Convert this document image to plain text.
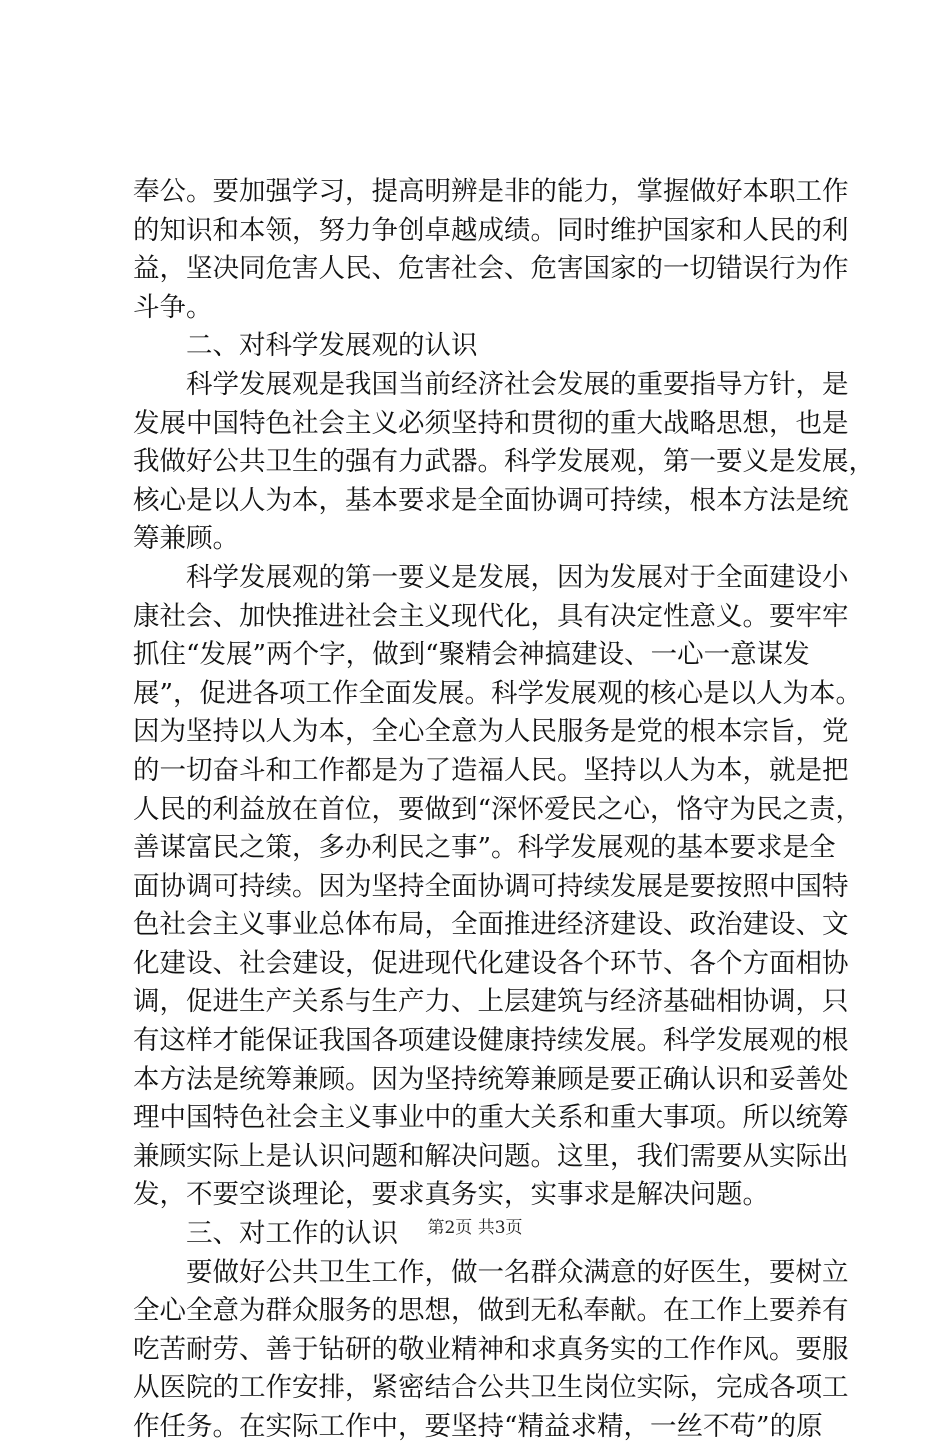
奉公。要加强学习，提高明辨是非的能力，掌握做好本职工作
的知识和本领，努力争创卓越成绩。同时维护国家和人民的利
益，坚决同危害人民、危害社会、危害国家的一切错误行为作
斗争。
二、对科学发展观的认识
科学发展观是我国当前经济社会发展的重要指导方针，是
发展中国特色社会主义必须坚持和贯彻的重大战略思想，也是
我做好公共卫生的强有力武器。科学发展观，第一要义是发展，
核心是以人为本，基本要求是全面协调可持续，根本方法是统
筹兼顾。
科学发展观的第一要义是发展，因为发展对于全面建设小
康社会、加快推进社会主义现代化，具有决定性意义。要牢牢
抓住“发展”两个字，做到“聚精会神搞建设、一心一意谋发
展”，促进各项工作全面发展。科学发展观的核心是以人为本。
因为坚持以人为本，全心全意为人民服务是党的根本宗旨，党
的一切奋斗和工作都是为了造福人民。坚持以人为本，就是把
人民的利益放在首位，要做到“深怀爱民之心，恪守为民之责，
善谋富民之策，多办利民之事”。科学发展观的基本要求是全
面协调可持续。因为坚持全面协调可持续发展是要按照中国特
色社会主义事业总体布局，全面推进经济建设、政治建设、文
化建设、社会建设，促进现代化建设各个环节、各个方面相协
调，促进生产关系与生产力、上层建筑与经济基础相协调，只
有这样才能保证我国各项建设健康持续发展。科学发展观的根
本方法是统筹兼顾。因为坚持统筹兼顾是要正确认识和妥善处
理中国特色社会主义事业中的重大关系和重大事项。所以统筹
兼顾实际上是认识问题和解决问题。这里，我们需要从实际出
发，不要空谈理论，要求真务实，实事求是解决问题。
三、对工作的认识
要做好公共卫生工作，做一名群众满意的好医生，要树立
全心全意为群众服务的思想，做到无私奉献。在工作上要养有
吃苦耐劳、善于钻研的敬业精神和求真务实的工作作风。要服
从医院的工作安排，紧密结合公共卫生岗位实际，完成各项工
作任务。在实际工作中，要坚持“精益求精，一丝不苟”的原
第2页 共3页
